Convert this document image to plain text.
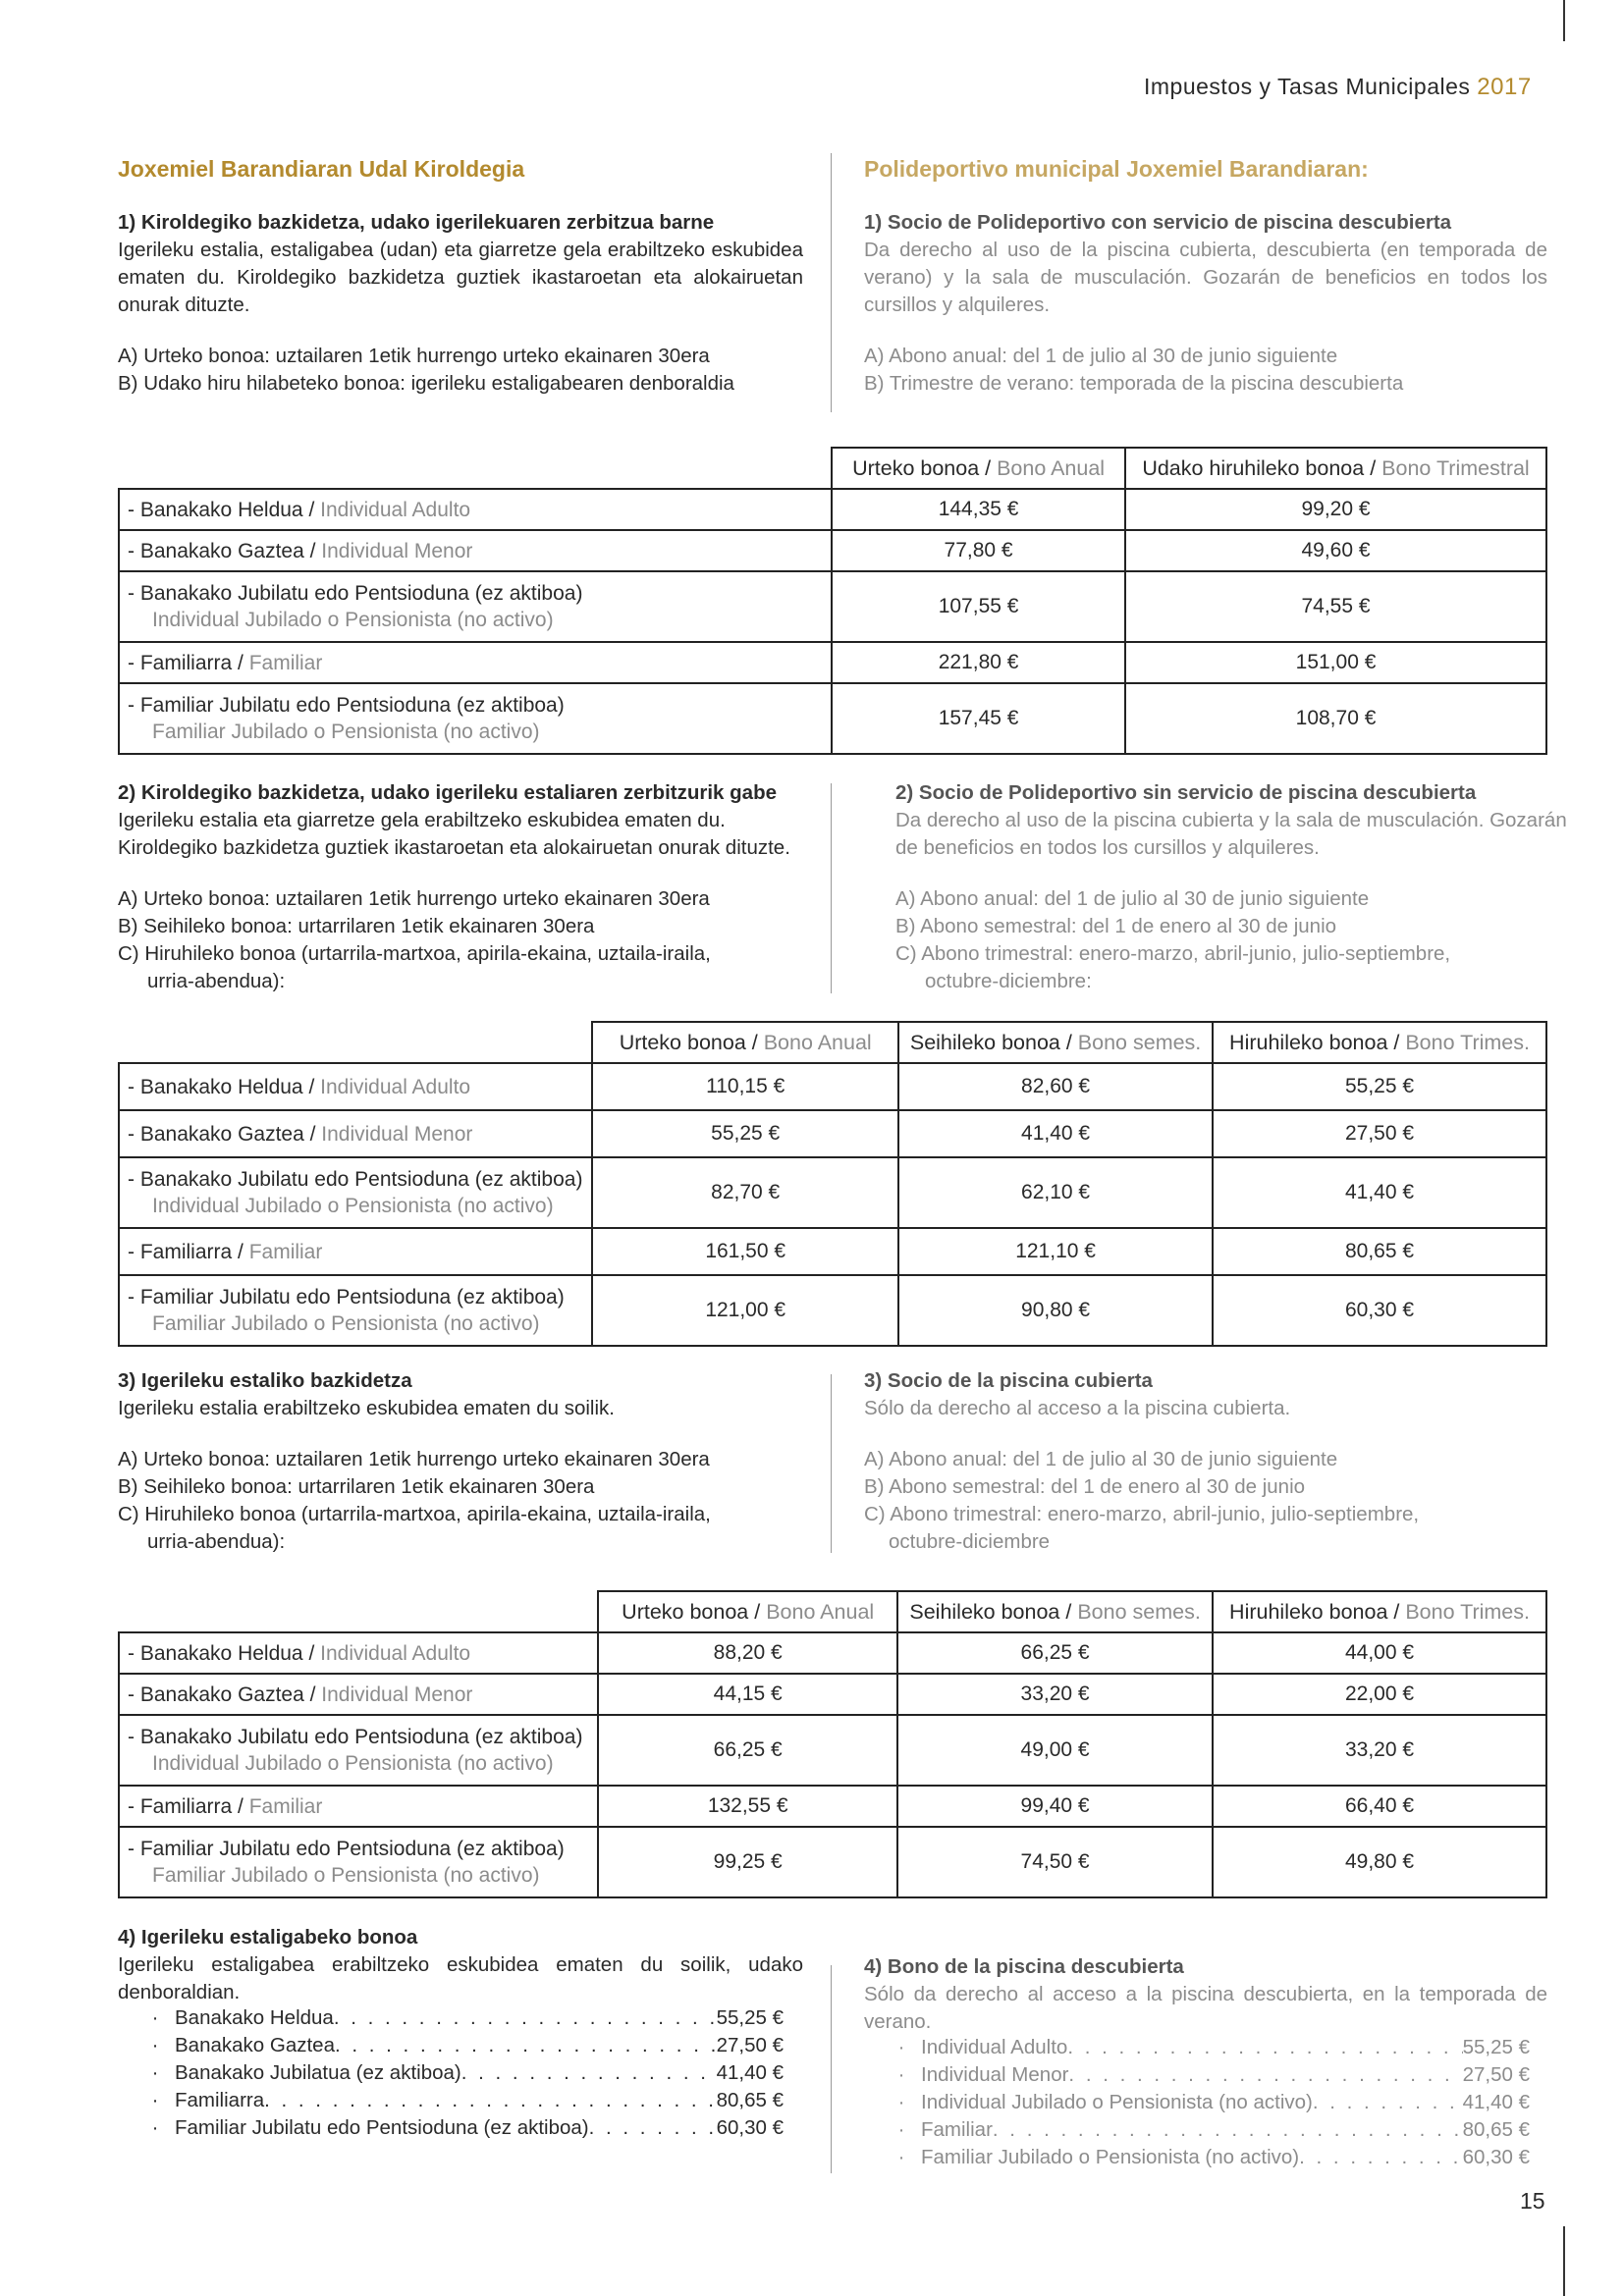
Impuestos y Tasas Municipales 2017
Joxemiel Barandiaran Udal Kiroldegia	Polideportivo municipal Joxemiel Barandiaran:
1) Kiroldegiko bazkidetza, udako igerilekuaren zerbitzua barne
Igerileku estalia, estaligabea (udan) eta giarretze gela erabiltzeko eskubidea ematen du. Kiroldegiko bazkidetza guztiek ikastaroetan eta alokairuetan onurak dituzte.
A) Urteko bonoa: uztailaren 1etik hurrengo urteko ekainaren 30era
B) Udako hiru hilabeteko bonoa: igerileku estaligabearen denboraldia
1) Socio de Polideportivo con servicio de piscina descubierta
Da derecho al uso de la piscina cubierta, descubierta (en temporada de verano) y la sala de musculación. Gozarán de beneficios en todos los cursillos y alquileres.
A) Abono anual: del 1 de julio al 30 de junio siguiente
B) Trimestre de verano: temporada de la piscina descubierta
	Urteko bonoa / Bono Anual	Udako hiruhileko bonoa / Bono Trimestral
- Banakako Heldua / Individual Adulto	144,35 €	99,20 €
- Banakako Gaztea / Individual Menor	77,80 €	49,60 €
- Banakako Jubilatu edo Pentsioduna (ez aktiboa)
Individual Jubilado o Pensionista (no activo)	107,55 €	74,55 €
- Familiarra / Familiar	221,80 €	151,00 €
- Familiar Jubilatu edo Pentsioduna (ez aktiboa)
Familiar Jubilado o Pensionista (no activo)	157,45 €	108,70 €
2) Kiroldegiko bazkidetza, udako igerileku estaliaren zerbitzurik gabe
Igerileku estalia eta giarretze gela erabiltzeko eskubidea ematen du.
Kiroldegiko bazkidetza guztiek ikastaroetan eta alokairuetan onurak dituzte.
A) Urteko bonoa: uztailaren 1etik hurrengo urteko ekainaren 30era
B) Seihileko bonoa: urtarrilaren 1etik ekainaren 30era
C) Hiruhileko bonoa (urtarrila-martxoa, apirila-ekaina, uztaila-iraila,
urria-abendua):
2) Socio de Polideportivo sin servicio de piscina descubierta
Da derecho al uso de la piscina cubierta y la sala de musculación. Gozarán
de beneficios en todos los cursillos y alquileres.
A) Abono anual: del 1 de julio al 30 de junio siguiente
B) Abono semestral: del 1 de enero al 30 de junio
C) Abono trimestral: enero-marzo, abril-junio, julio-septiembre,
octubre-diciembre:
	Urteko bonoa / Bono Anual	Seihileko bonoa / Bono semes.	Hiruhileko bonoa / Bono Trimes.
- Banakako Heldua / Individual Adulto	110,15 €	82,60 €	55,25 €
- Banakako Gaztea / Individual Menor	55,25 €	41,40 €	27,50 €
- Banakako Jubilatu edo Pentsioduna (ez aktiboa)
Individual Jubilado o Pensionista (no activo)	82,70 €	62,10 €	41,40 €
- Familiarra / Familiar	161,50 €	121,10 €	80,65 €
- Familiar Jubilatu edo Pentsioduna (ez aktiboa)
Familiar Jubilado o Pensionista (no activo)	121,00 €	90,80 €	60,30 €
3) Igerileku estaliko bazkidetza
Igerileku estalia erabiltzeko eskubidea ematen du soilik.
A) Urteko bonoa: uztailaren 1etik hurrengo urteko ekainaren 30era
B) Seihileko bonoa: urtarrilaren 1etik ekainaren 30era
C) Hiruhileko bonoa (urtarrila-martxoa, apirila-ekaina, uztaila-iraila,
urria-abendua):
3) Socio de la piscina cubierta
Sólo da derecho al acceso a la piscina cubierta.
A) Abono anual: del 1 de julio al 30 de junio siguiente
B) Abono semestral: del 1 de enero al 30 de junio
C) Abono trimestral: enero-marzo, abril-junio, julio-septiembre,
octubre-diciembre
	Urteko bonoa / Bono Anual	Seihileko bonoa / Bono semes.	Hiruhileko bonoa / Bono Trimes.
- Banakako Heldua / Individual Adulto	88,20 €	66,25 €	44,00 €
- Banakako Gaztea / Individual Menor	44,15 €	33,20 €	22,00 €
- Banakako Jubilatu edo Pentsioduna (ez aktiboa)
Individual Jubilado o Pensionista (no activo)	66,25 €	49,00 €	33,20 €
- Familiarra / Familiar	132,55 €	99,40 €	66,40 €
- Familiar Jubilatu edo Pentsioduna (ez aktiboa)
Familiar Jubilado o Pensionista (no activo)	99,25 €	74,50 €	49,80 €
4) Igerileku estaligabeko bonoa
Igerileku estaligabea erabiltzeko eskubidea ematen du soilik, udako denboraldian.
· Banakako Heldua . . .	55,25 €
· Banakako Gaztea . . .	27,50 €
· Banakako Jubilatua (ez aktiboa) . . .	41,40 €
· Familiarra . . .	80,65 €
· Familiar Jubilatu edo Pentsioduna (ez aktiboa) . . .	60,30 €
4) Bono de la piscina descubierta
Sólo da derecho al acceso a la piscina descubierta, en la temporada de verano.
· Individual Adulto . . .	55,25 €
· Individual Menor . . .	27,50 €
· Individual Jubilado o Pensionista (no activo) . . .	41,40 €
· Familiar . . .	80,65 €
· Familiar Jubilado o Pensionista (no activo) . . .	60,30 €
15
